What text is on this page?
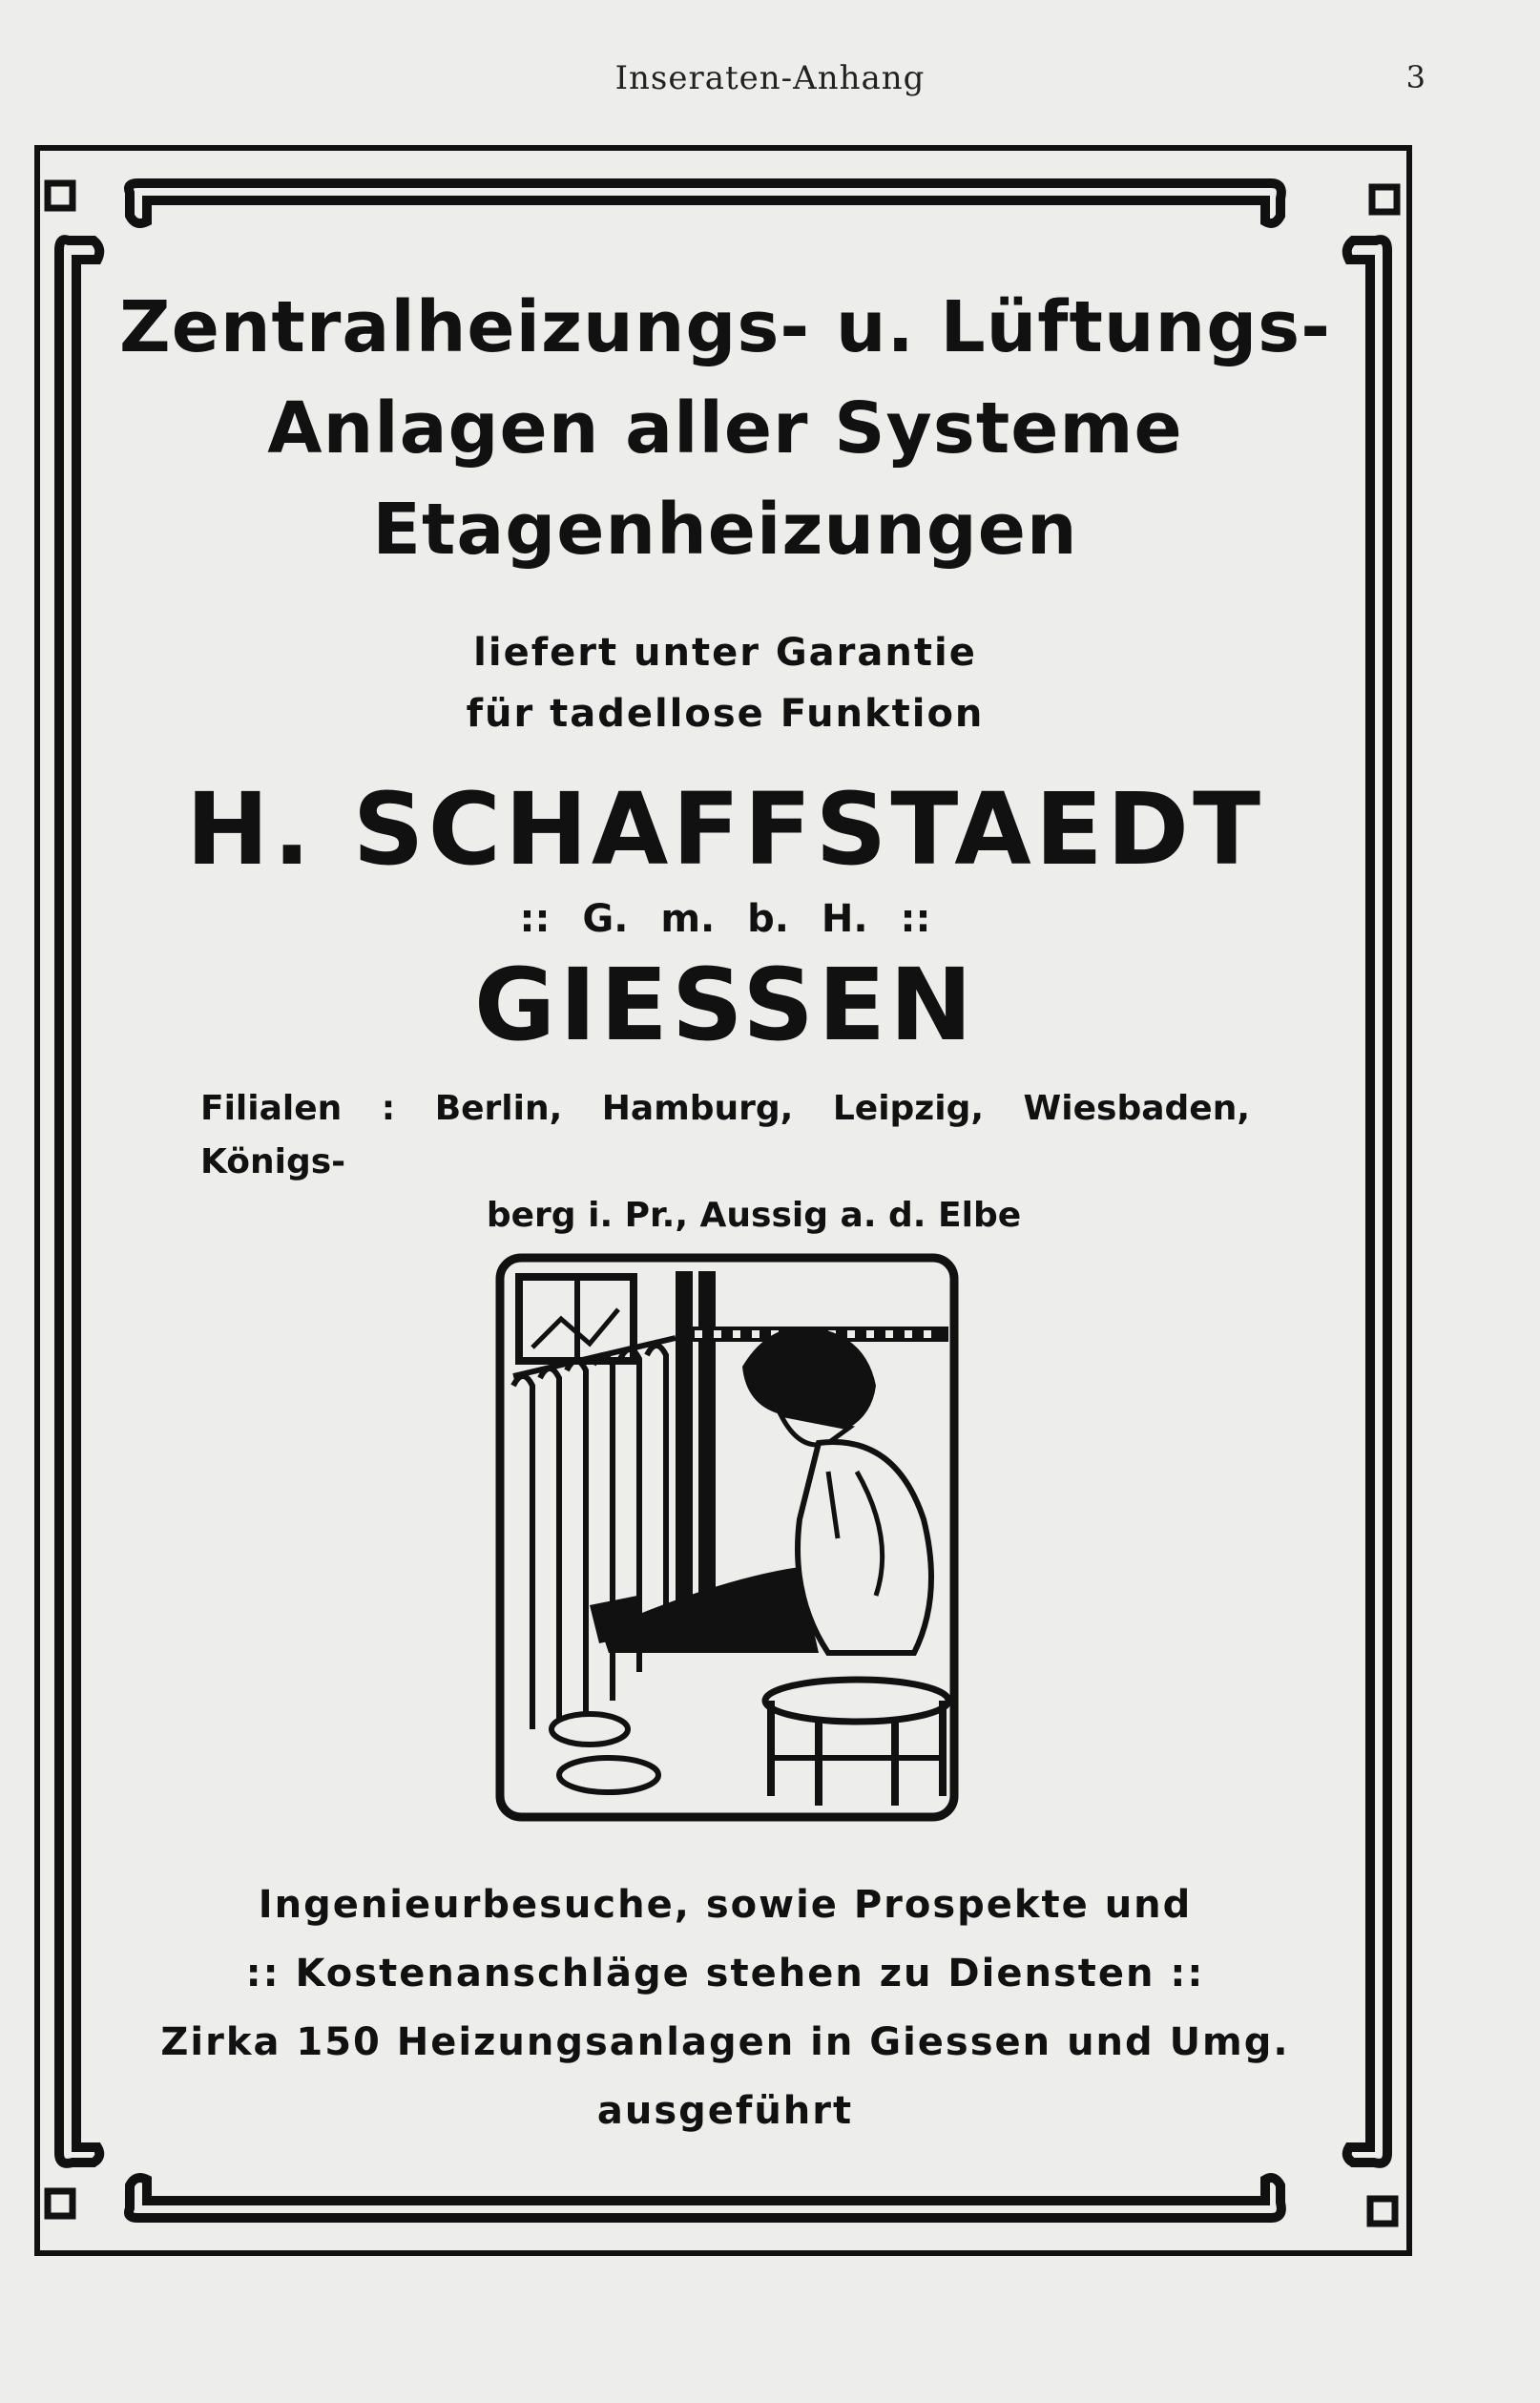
Inseraten-Anhang	3

Zentralheizungs- u. Lüftungs-

Anlagen aller Systeme

Etagenheizungen

liefert unter Garantie

für tadellose Funktion

H. SCHAFFSTAEDT

:: G. m. b. H. ::

GIESSEN

Filialen : Berlin, Hamburg, Leipzig, Wiesbaden, Königs-
berg i. Pr., Aussig a. d. Elbe

Ingenieurbesuche, sowie Prospekte und

:: Kostenanschläge stehen zu Diensten ::

Zirka 150 Heizungsanlagen in Giessen und Umg.

ausgeführt
